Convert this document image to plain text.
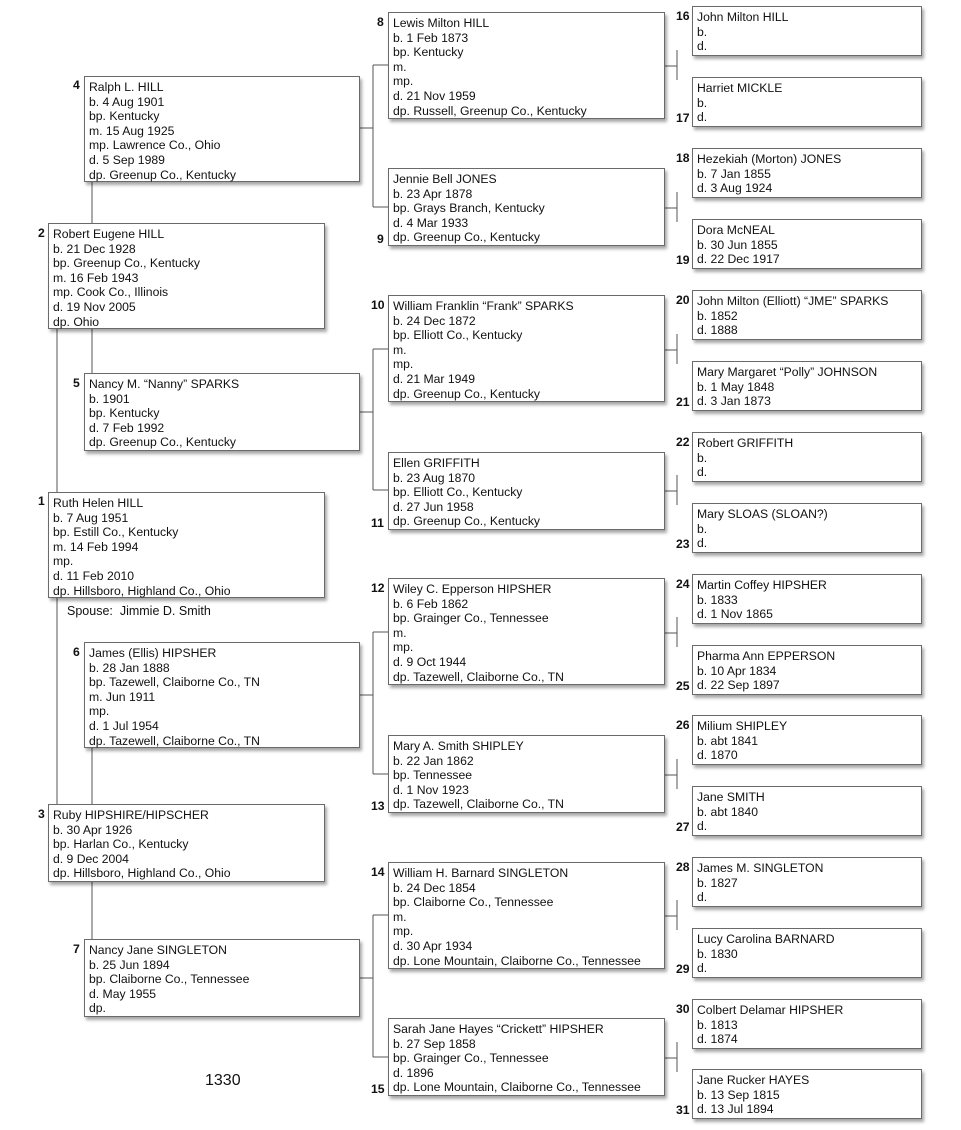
1 Ruth Helen HILL
b. 7 Aug 1951
bp. Estill Co., Kentucky
m. 14 Feb 1994
mp.
d. 11 Feb 2010
dp. Hillsboro, Highland Co., Ohio
2 Robert Eugene HILL
b. 21 Dec 1928
bp. Greenup Co., Kentucky
m. 16 Feb 1943
mp. Cook Co., Illinois
d. 19 Nov 2005
dp. Ohio
3 Ruby HIPSHIRE/HIPSCHER
b. 30 Apr 1926
bp. Harlan Co., Kentucky
d. 9 Dec 2004
dp. Hillsboro, Highland Co., Ohio
4 Ralph L. HILL
b. 4 Aug 1901
bp. Kentucky
m. 15 Aug 1925
mp. Lawrence Co., Ohio
d. 5 Sep 1989
dp. Greenup Co., Kentucky
5 Nancy M. “Nanny” SPARKS
b. 1901
bp. Kentucky
d. 7 Feb 1992
dp. Greenup Co., Kentucky
6 James (Ellis) HIPSHER
b. 28 Jan 1888
bp. Tazewell, Claiborne Co., TN
m. Jun 1911
mp.
d. 1 Jul 1954
dp. Tazewell, Claiborne Co., TN
7 Nancy Jane SINGLETON
b. 25 Jun 1894
bp. Claiborne Co., Tennessee
d. May 1955
dp.
8 Lewis Milton HILL
b. 1 Feb 1873
bp. Kentucky
m.
mp.
d. 21 Nov 1959
dp. Russell, Greenup Co., Kentucky
9
Jennie Bell JONES
b. 23 Apr 1878
bp. Grays Branch, Kentucky
d. 4 Mar 1933
dp. Greenup Co., Kentucky
10 William Franklin “Frank” SPARKS
b. 24 Dec 1872
bp. Elliott Co., Kentucky
m.
mp.
d. 21 Mar 1949
dp. Greenup Co., Kentucky
11
Ellen GRIFFITH
b. 23 Aug 1870
bp. Elliott Co., Kentucky
d. 27 Jun 1958
dp. Greenup Co., Kentucky
12 Wiley C. Epperson HIPSHER
b. 6 Feb 1862
bp. Grainger Co., Tennessee
m.
mp.
d. 9 Oct 1944
dp. Tazewell, Claiborne Co., TN
13
Mary A. Smith SHIPLEY
b. 22 Jan 1862
bp. Tennessee
d. 1 Nov 1923
dp. Tazewell, Claiborne Co., TN
14 William H. Barnard SINGLETON
b. 24 Dec 1854
bp. Claiborne Co., Tennessee
m.
mp.
d. 30 Apr 1934
dp. Lone Mountain, Claiborne Co., Tennessee
15
Sarah Jane Hayes “Crickett” HIPSHER
b. 27 Sep 1858
bp. Grainger Co., Tennessee
d. 1896
dp. Lone Mountain, Claiborne Co., Tennessee
16 John Milton HILL
b.
d.
17
Harriet MICKLE
b.
d.
18 Hezekiah (Morton) JONES
b. 7 Jan 1855
d. 3 Aug 1924
19
Dora McNEAL
b. 30 Jun 1855
d. 22 Dec 1917
20 John Milton (Elliott) “JME” SPARKS
b. 1852
d. 1888
21
Mary Margaret “Polly” JOHNSON
b. 1 May 1848
d. 3 Jan 1873
22 Robert GRIFFITH
b.
d.
23
Mary SLOAS (SLOAN?)
b.
d.
24 Martin Coffey HIPSHER
b. 1833
d. 1 Nov 1865
25
Pharma Ann EPPERSON
b. 10 Apr 1834
d. 22 Sep 1897
26 Milium SHIPLEY
b. abt 1841
d. 1870
27
Jane SMITH
b. abt 1840
d.
28 James M. SINGLETON
b. 1827
d.
29
Lucy Carolina BARNARD
b. 1830
d.
30 Colbert Delamar HIPSHER
b. 1813
d. 1874
31
Jane Rucker HAYES
b. 13 Sep 1815
d. 13 Jul 1894
Spouse: Jimmie D. Smith
1330
